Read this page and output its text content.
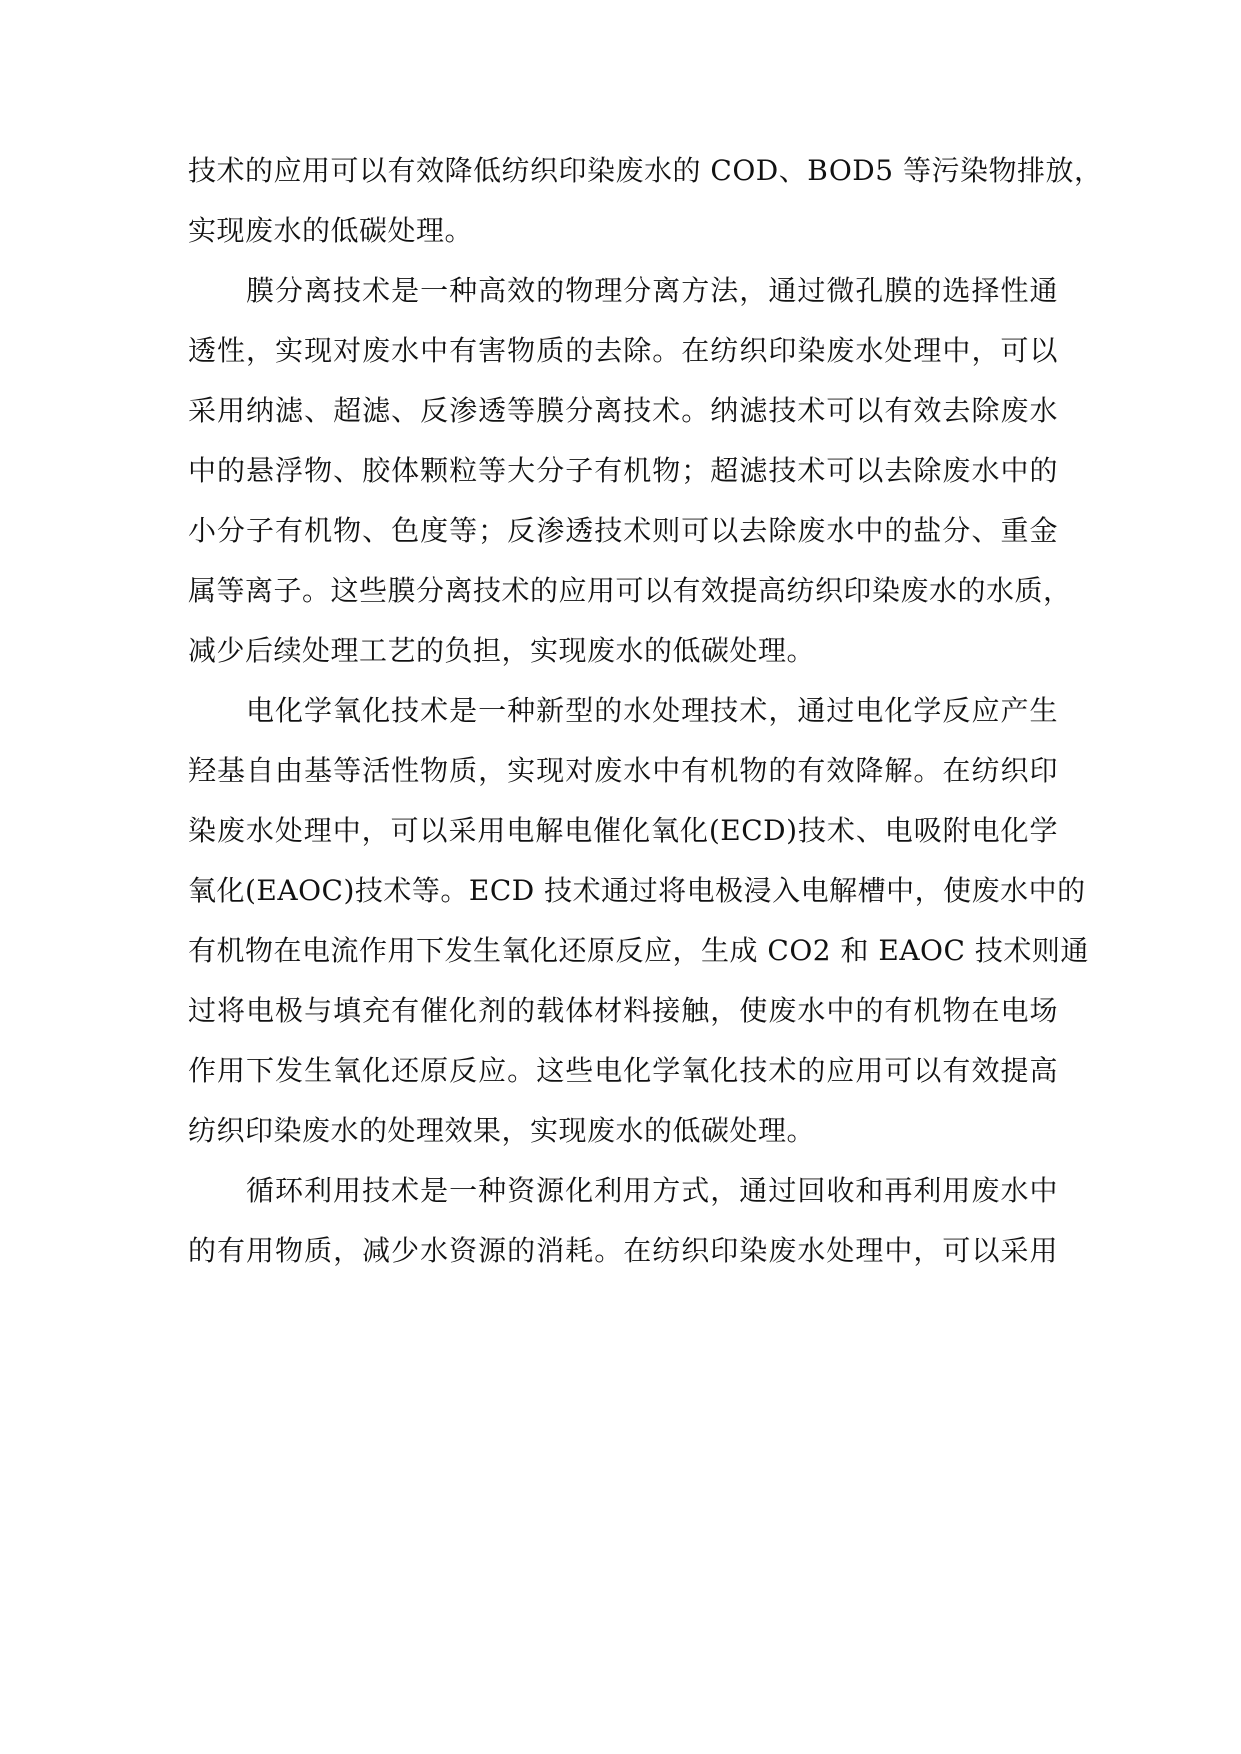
技术的应用可以有效降低纺织印染废水的 COD、BOD5 等污染物排放，
实现废水的低碳处理。
膜分离技术是一种高效的物理分离方法，通过微孔膜的选择性通
透性，实现对废水中有害物质的去除。在纺织印染废水处理中，可以
采用纳滤、超滤、反渗透等膜分离技术。纳滤技术可以有效去除废水
中的悬浮物、胶体颗粒等大分子有机物；超滤技术可以去除废水中的
小分子有机物、色度等；反渗透技术则可以去除废水中的盐分、重金
属等离子。这些膜分离技术的应用可以有效提高纺织印染废水的水质，
减少后续处理工艺的负担，实现废水的低碳处理。
电化学氧化技术是一种新型的水处理技术，通过电化学反应产生
羟基自由基等活性物质，实现对废水中有机物的有效降解。在纺织印
染废水处理中，可以采用电解电催化氧化(ECD)技术、电吸附电化学
氧化(EAOC)技术等。ECD 技术通过将电极浸入电解槽中，使废水中的
有机物在电流作用下发生氧化还原反应，生成 CO2 和 EAOC 技术则通
过将电极与填充有催化剂的载体材料接触，使废水中的有机物在电场
作用下发生氧化还原反应。这些电化学氧化技术的应用可以有效提高
纺织印染废水的处理效果，实现废水的低碳处理。
循环利用技术是一种资源化利用方式，通过回收和再利用废水中
的有用物质，减少水资源的消耗。在纺织印染废水处理中，可以采用
